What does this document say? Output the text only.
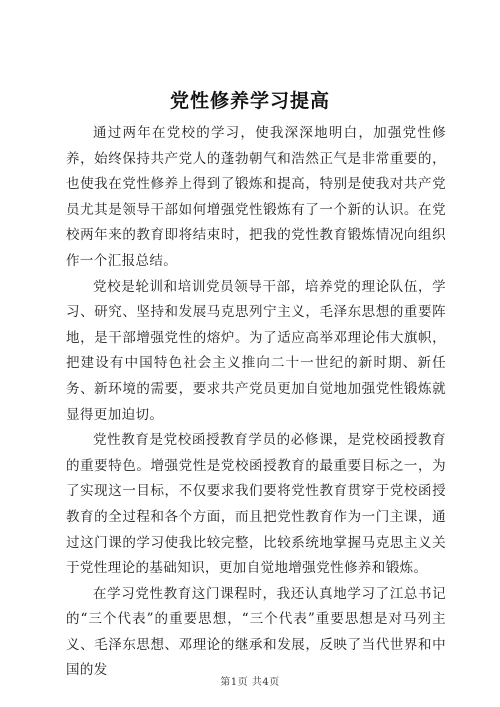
党性修养学习提高

通过两年在党校的学习，使我深深地明白，加强党性修养，始终保持共产党人的蓬勃朝气和浩然正气是非常重要的，也使我在党性修养上得到了锻炼和提高，特别是使我对共产党员尤其是领导干部如何增强党性锻炼有了一个新的认识。在党校两年来的教育即将结束时，把我的党性教育锻炼情况向组织作一个汇报总结。

党校是轮训和培训党员领导干部，培养党的理论队伍，学习、研究、坚持和发展马克思列宁主义，毛泽东思想的重要阵地，是干部增强党性的熔炉。为了适应高举邓理论伟大旗帜，把建设有中国特色社会主义推向二十一世纪的新时期、新任务、新环境的需要，要求共产党员更加自觉地加强党性锻炼就显得更加迫切。

党性教育是党校函授教育学员的必修课，是党校函授教育的重要特色。增强党性是党校函授教育的最重要目标之一，为了实现这一目标，不仅要求我们要将党性教育贯穿于党校函授教育的全过程和各个方面，而且把党性教育作为一门主课，通过这门课的学习使我比较完整，比较系统地掌握马克思主义关于党性理论的基础知识，更加自觉地增强党性修养和锻炼。

在学习党性教育这门课程时，我还认真地学习了江总书记的“三个代表”的重要思想，“三个代表”重要思想是对马列主义、毛泽东思想、邓理论的继承和发展，反映了当代世界和中国的发

第1页 共4页
